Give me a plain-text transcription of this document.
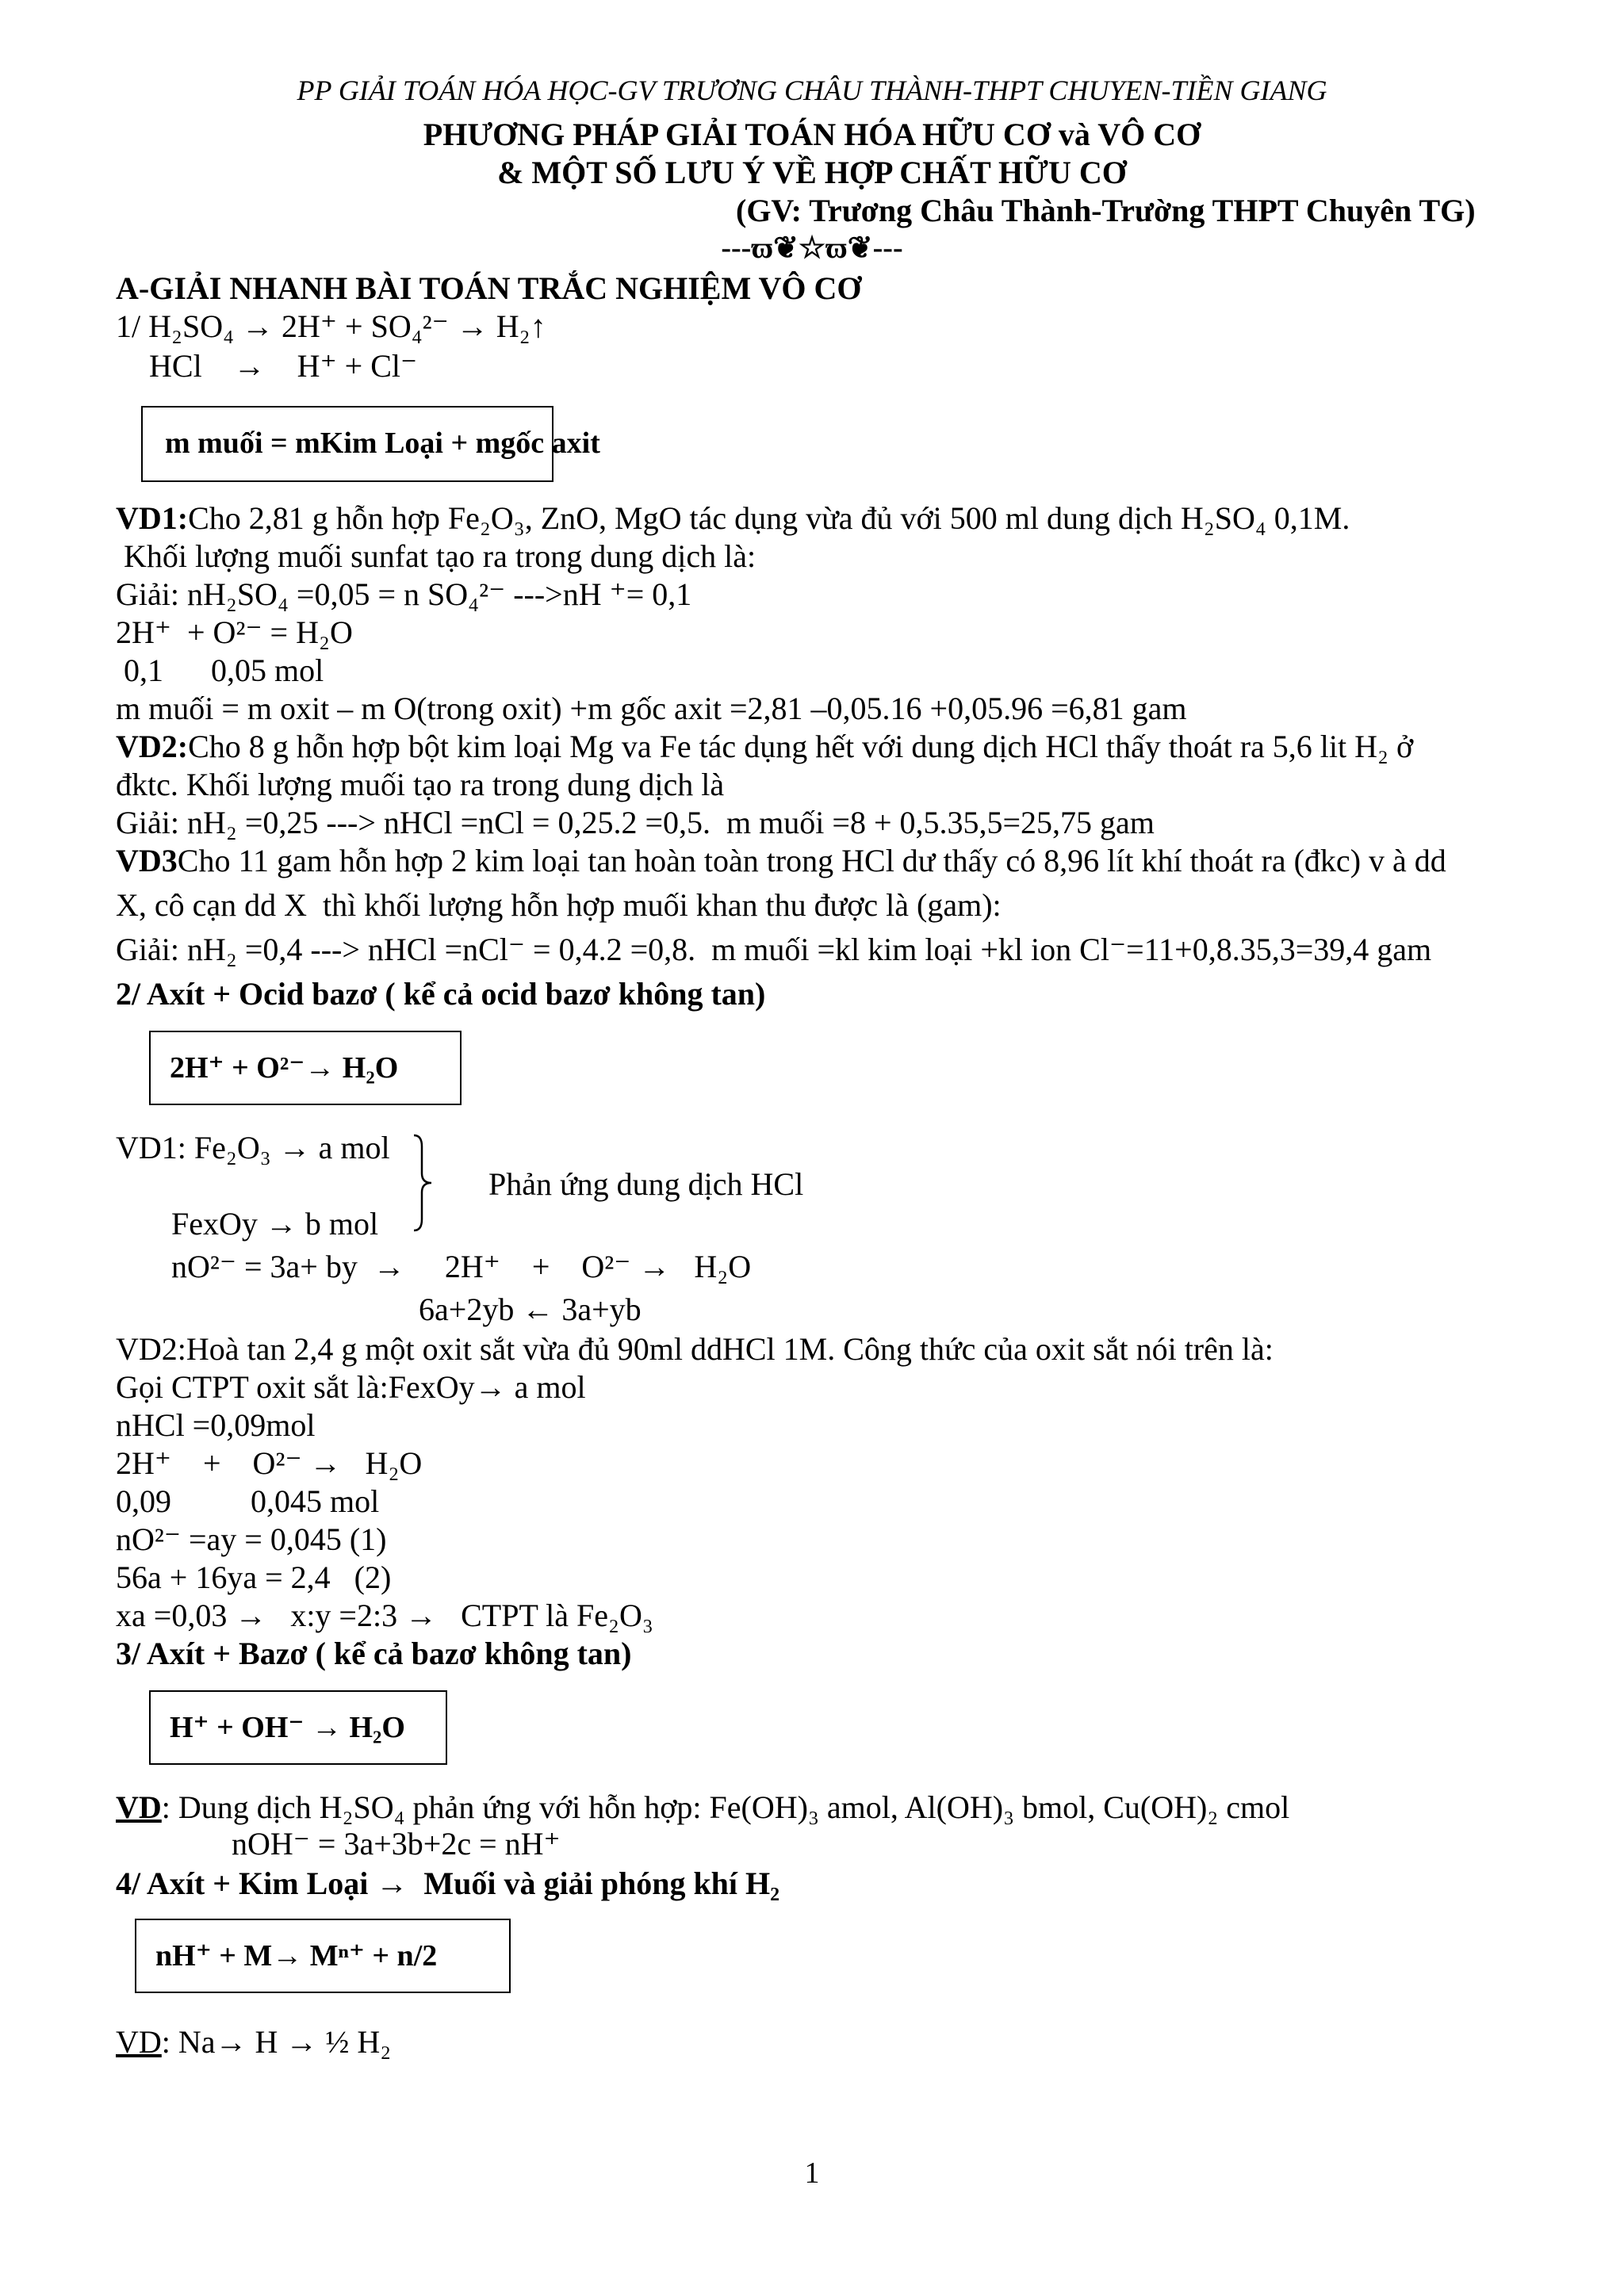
PP GIẢI TOÁN HÓA HỌC-GV TRƯƠNG CHÂU THÀNH-THPT CHUYEN-TIỀN GIANG
PHƯƠNG PHÁP GIẢI TOÁN HÓA HỮU CƠ và VÔ CƠ
& MỘT SỐ LƯU Ý VỀ HỢP CHẤT HỮU CƠ
(GV: Trương Châu Thành-Trường THPT Chuyên TG)
---ϖ❦☆ϖ❦---
A-GIẢI NHANH BÀI TOÁN TRẮC NGHIỆM VÔ CƠ
1/ H₂SO₄ → 2H⁺ + SO₄²⁻ → H₂↑
HCl    →    H⁺ + Cl⁻
m muối = mKim Loại + mgốc axit
VD1:Cho 2,81 g hỗn hợp Fe₂O₃, ZnO, MgO tác dụng vừa đủ với 500 ml dung dịch H₂SO₄ 0,1M.
Khối lượng muối sunfat tạo ra trong dung dịch là:
Giải: nH₂SO₄ =0,05 = n SO₄²⁻ --->nH ⁺= 0,1
2H⁺  + O²⁻ = H₂O
0,1      0,05 mol
m muối = m oxit – m O(trong oxit) +m gốc axit =2,81 –0,05.16 +0,05.96 =6,81 gam
VD2:Cho 8 g hỗn hợp bột kim loại Mg va Fe tác dụng hết với dung dịch HCl thấy thoát ra 5,6 lit H₂ ở
đktc. Khối lượng muối tạo ra trong dung dịch là
Giải: nH₂ =0,25 ---> nHCl =nCl = 0,25.2 =0,5.  m muối =8 + 0,5.35,5=25,75 gam
VD3Cho 11 gam hỗn hợp 2 kim loại tan hoàn toàn trong HCl dư thấy có 8,96 lít khí thoát ra (đkc) v à dd
X, cô cạn dd X  thì khối lượng hỗn hợp muối khan thu được là (gam):
Giải: nH₂ =0,4 ---> nHCl =nCl⁻ = 0,4.2 =0,8.  m muối =kl kim loại +kl ion Cl⁻=11+0,8.35,3=39,4 gam
2/ Axít + Ocid bazơ ( kể cả ocid bazơ không tan)
2H⁺ + O²⁻→ H₂O
VD1: Fe₂O₃ → a mol
Phản ứng dung dịch HCl
FexOy → b mol
nO²⁻ = 3a+ by  →     2H⁺    +    O²⁻ →   H₂O
6a+2yb ← 3a+yb
VD2:Hoà tan 2,4 g một oxit sắt vừa đủ 90ml ddHCl 1M. Công thức của oxit sắt nói trên là:
Gọi CTPT oxit sắt là:FexOy→ a mol
nHCl =0,09mol
2H⁺    +    O²⁻ →   H₂O
0,09          0,045 mol
nO²⁻ =ay = 0,045 (1)
56a + 16ya = 2,4   (2)
xa =0,03 →   x:y =2:3 →   CTPT là Fe₂O₃
3/ Axít + Bazơ ( kể cả bazơ không tan)
H⁺ + OH⁻ → H₂O
VD: Dung dịch H₂SO₄ phản ứng với hỗn hợp: Fe(OH)₃ amol, Al(OH)₃ bmol, Cu(OH)₂ cmol
nOH⁻ = 3a+3b+2c = nH⁺
4/ Axít + Kim Loại →  Muối và giải phóng khí H₂
nH⁺ + M→ Mⁿ⁺ + n/2
VD: Na→ H → ½ H₂
1
